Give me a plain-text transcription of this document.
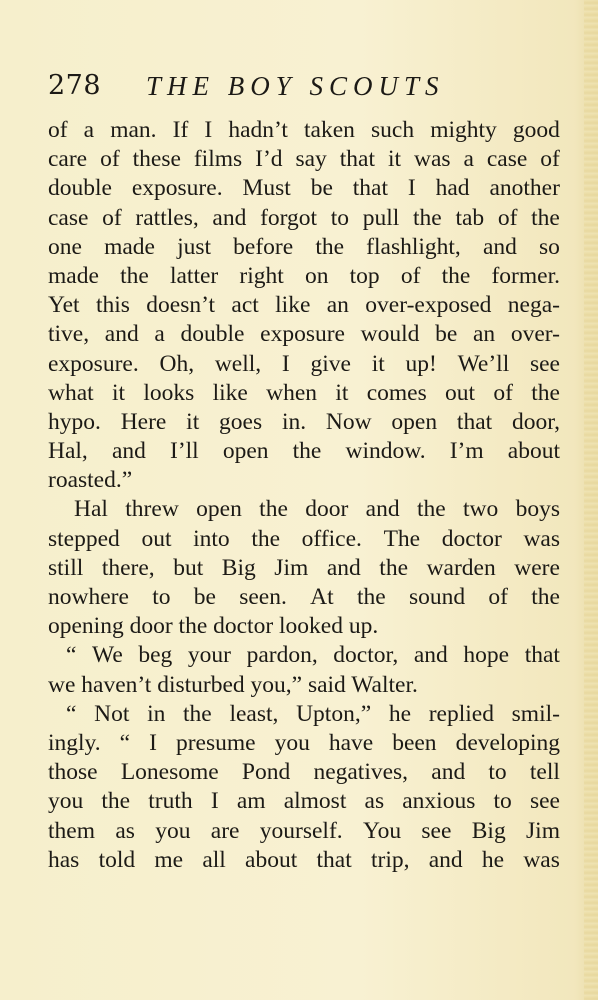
278 THE BOY SCOUTS
of a man. If I hadn’t taken such mighty good
care of these films I’d say that it was a case of
double exposure. Must be that I had another
case of rattles, and forgot to pull the tab of the
one made just before the flashlight, and so
made the latter right on top of the former.
Yet this doesn’t act like an over-exposed nega-
tive, and a double exposure would be an over-
exposure. Oh, well, I give it up! We’ll see
what it looks like when it comes out of the
hypo. Here it goes in. Now open that door,
Hal, and I’ll open the window. I’m about
roasted.”
Hal threw open the door and the two boys
stepped out into the office. The doctor was
still there, but Big Jim and the warden were
nowhere to be seen. At the sound of the
opening door the doctor looked up.
“ We beg your pardon, doctor, and hope that
we haven’t disturbed you,” said Walter.
“ Not in the least, Upton,” he replied smil-
ingly. “ I presume you have been developing
those Lonesome Pond negatives, and to tell
you the truth I am almost as anxious to see
them as you are yourself. You see Big Jim
has told me all about that trip, and he was
